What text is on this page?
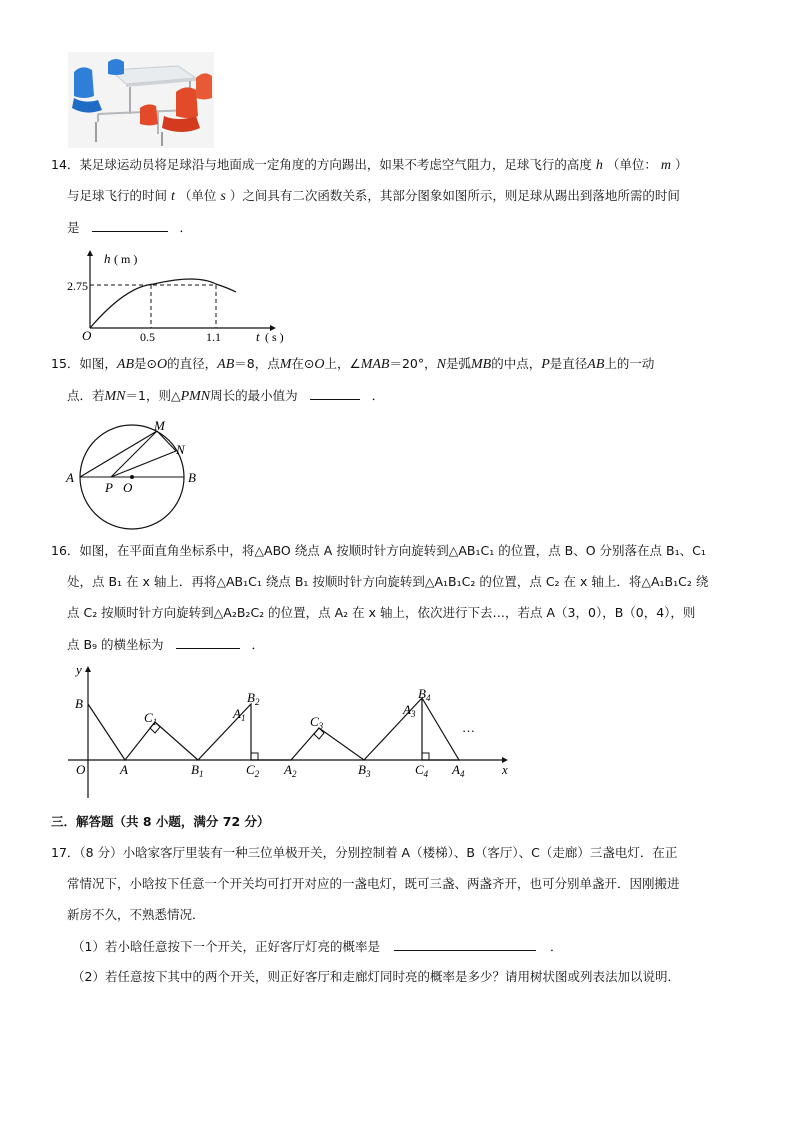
14．某足球运动员将足球沿与地面成一定角度的方向踢出，如果不考虑空气阻力，足球飞行的高度 h （单位： m ）
与足球飞行的时间 t （单位 s ）之间具有二次函数关系，其部分图象如图所示，则足球从踢出到落地所需的时间
是	．
h ( m )
2.75
O	0.5	1.1	t ( s )
15．如图，AB是⊙O的直径，AB＝8，点M在⊙O上，∠MAB＝20°，N是弧MB的中点，P是直径AB上的一动
点．若MN＝1，则△PMN周长的最小值为	．
A	B
M
N
P O
16．如图，在平面直角坐标系中，将△ABO 绕点 A 按顺时针方向旋转到△AB₁C₁ 的位置，点 B、O 分别落在点 B₁、C₁
处，点 B₁ 在 x 轴上．再将△AB₁C₁ 绕点 B₁ 按顺时针方向旋转到△A₁B₁C₂ 的位置，点 C₂ 在 x 轴上．将△A₁B₁C₂ 绕
点 C₂ 按顺时针方向旋转到△A₂B₂C₂ 的位置，点 A₂ 在 x 轴上，依次进行下去…，若点 A（3，0），B（0，4），则
点 B₉ 的横坐标为	．
y
x
O
B
A
$C_1$
$B_1$
$A_1$
$B_2$
$C_2$ $A_2$
$C_3$
$B_3$
$A_3$
$B_4$
$C_4$ $A_4$
…
三．解答题（共 8 小题，满分 72 分）
17．（8 分）小晗家客厅里装有一种三位单极开关，分别控制着 A（楼梯）、B（客厅）、C（走廊）三盏电灯．在正
常情况下，小晗按下任意一个开关均可打开对应的一盏电灯，既可三盏、两盏齐开，也可分别单盏开．因刚搬进
新房不久，不熟悉情况．
（1）若小晗任意按下一个开关，正好客厅灯亮的概率是	．
（2）若任意按下其中的两个开关，则正好客厅和走廊灯同时亮的概率是多少？请用树状图或列表法加以说明．
